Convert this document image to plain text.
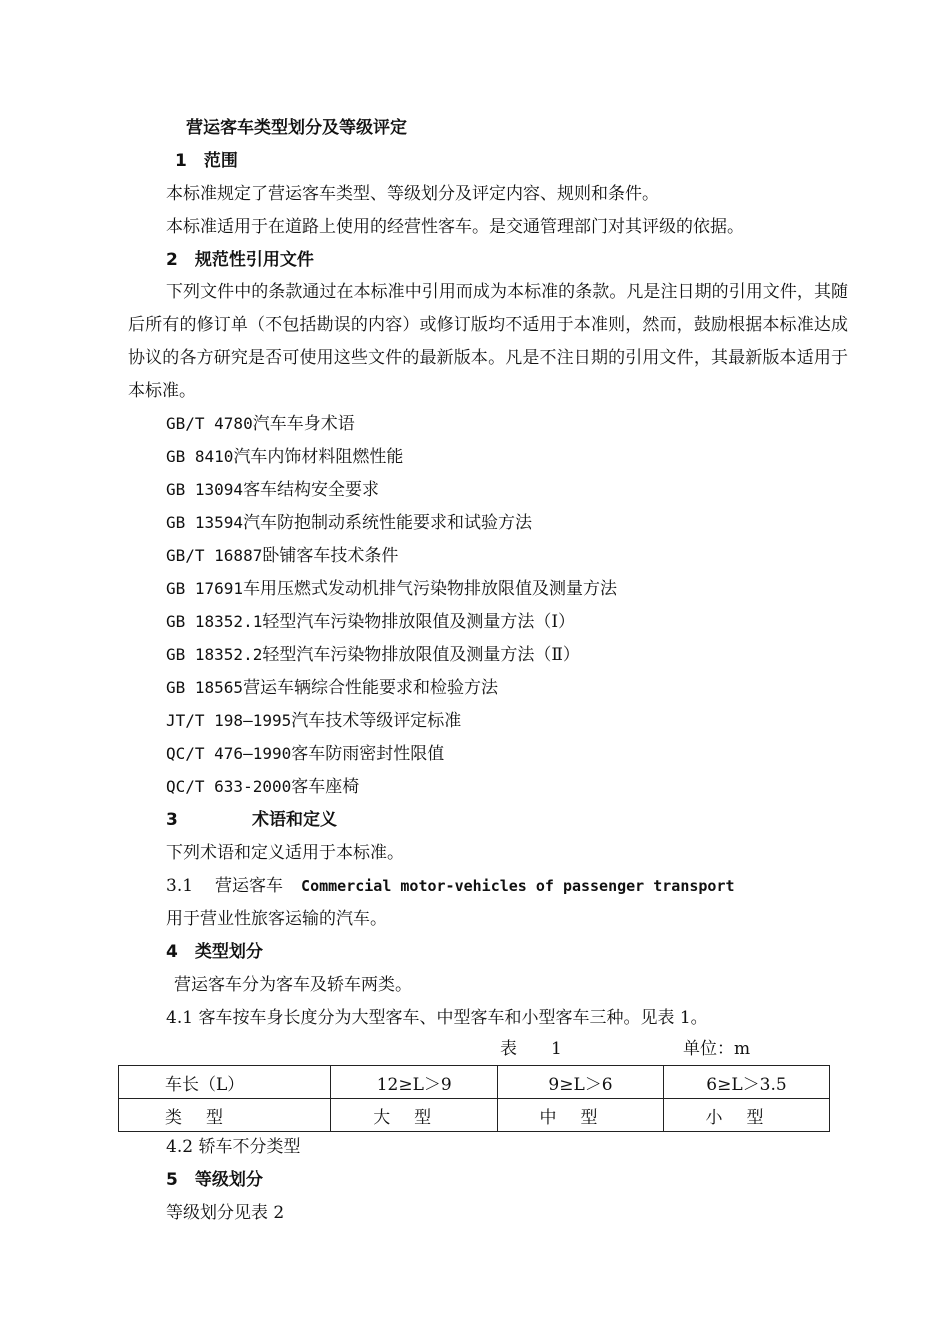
营运客车类型划分及等级评定
1　范围
本标准规定了营运客车类型、等级划分及评定内容、规则和条件。
本标准适用于在道路上使用的经营性客车。是交通管理部门对其评级的依据。
2　规范性引用文件
下列文件中的条款通过在本标准中引用而成为本标准的条款。凡是注日期的引用文件，其随后所有的修订单（不包括勘误的内容）或修订版均不适用于本准则，然而，鼓励根据本标准达成协议的各方研究是否可使用这些文件的最新版本。凡是不注日期的引用文件，其最新版本适用于本标准。
GB/T 4780汽车车身术语
GB 8410汽车内饰材料阻燃性能
GB 13094客车结构安全要求
GB 13594汽车防抱制动系统性能要求和试验方法
GB/T 16887卧铺客车技术条件
GB 17691车用压燃式发动机排气污染物排放限值及测量方法
GB 18352.1轻型汽车污染物排放限值及测量方法（Ⅰ）
GB 18352.2轻型汽车污染物排放限值及测量方法（Ⅱ）
GB 18565营运车辆综合性能要求和检验方法
JT/T 198—1995汽车技术等级评定标准
QC/T 476—1990客车防雨密封性限值
QC/T 633-2000客车座椅
3	术语和定义
下列术语和定义适用于本标准。
3.1 营运客车 Commercial motor-vehicles of passenger transport
用于营业性旅客运输的汽车。
4　类型划分
营运客车分为客车及轿车两类。
4.1 客车按车身长度分为大型客车、中型客车和小型客车三种。见表 1。
表　　1	单位：m
车长（L）	12≥L＞9	9≥L＞6	6≥L＞3.5
类型	大型	中型	小型
4.2 轿车不分类型
5　等级划分
等级划分见表 2
